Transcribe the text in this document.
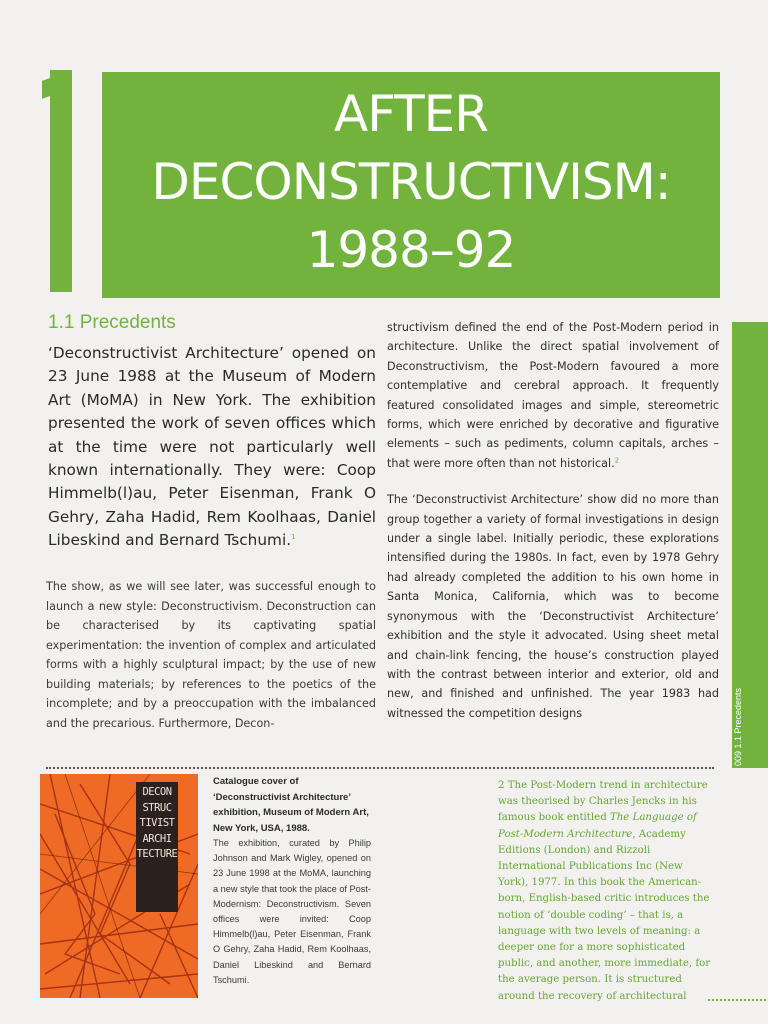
AFTER
DECONSTRUCTIVISM:
1988–92
1.1 Precedents
‘Deconstructivist Architecture’ opened on 23 June 1988 at the Museum of Modern Art (MoMA) in New York. The exhibition presented the work of seven offices which at the time were not particularly well known internationally. They were: Coop Himmelb(l)au, Peter Eisenman, Frank O Gehry, Zaha Hadid, Rem Koolhaas, Daniel Libeskind and Bernard Tschumi.$^1$
The show, as we will see later, was successful enough to launch a new style: Deconstructivism. Deconstruction can be characterised by its captivating spatial experimentation: the invention of complex and articulated forms with a highly sculptural impact; by the use of new building materials; by references to the poetics of the incomplete; and by a preoccupation with the imbalanced and the precarious. Furthermore, Decon-

structivism defined the end of the Post-Modern period in architecture. Unlike the direct spatial involvement of Deconstructivism, the Post-Modern favoured a more contemplative and cerebral approach. It frequently featured consolidated images and simple, stereometric forms, which were enriched by decorative and figurative elements – such as pediments, column capitals, arches – that were more often than not historical.$^2$

The ‘Deconstructivist Architecture’ show did no more than group together a variety of formal investigations in design under a single label. Initially periodic, these explorations intensified during the 1980s. In fact, even by 1978 Gehry had already completed the addition to his own home in Santa Monica, California, which was to become synonymous with the ‘Deconstructivist Architecture’ exhibition and the style it advocated. Using sheet metal and chain-link fencing, the house’s construction played with the contrast between interior and exterior, old and new, and finished and unfinished. The year 1983 had witnessed the competition designs	009 1.1 Precedents
DECON
STRUC
TIVIST
ARCHI
TECTURE
Catalogue cover of ‘Deconstructivist Architecture’ exhibition, Museum of Modern Art, New York, USA, 1988.
The exhibition, curated by Philip Johnson and Mark Wigley, opened on 23 June 1998 at the MoMA, launching a new style that took the place of Post-Modernism: Deconstructivism. Seven offices were invited: Coop Himmelb(l)au, Peter Eisenman, Frank O Gehry, Zaha Hadid, Rem Koolhaas, Daniel Libeskind and Bernard Tschumi.
2 The Post-Modern trend in architecture was theorised by Charles Jencks in his famous book entitled The Language of Post-Modern Architecture, Academy Editions (London) and Rizzoli International Publications Inc (New York), 1977. In this book the American-born, English-based critic introduces the notion of ‘double coding’ – that is, a language with two levels of meaning: a deeper one for a more sophisticated public, and another, more immediate, for the average person. It is structured around the recovery of architectural
